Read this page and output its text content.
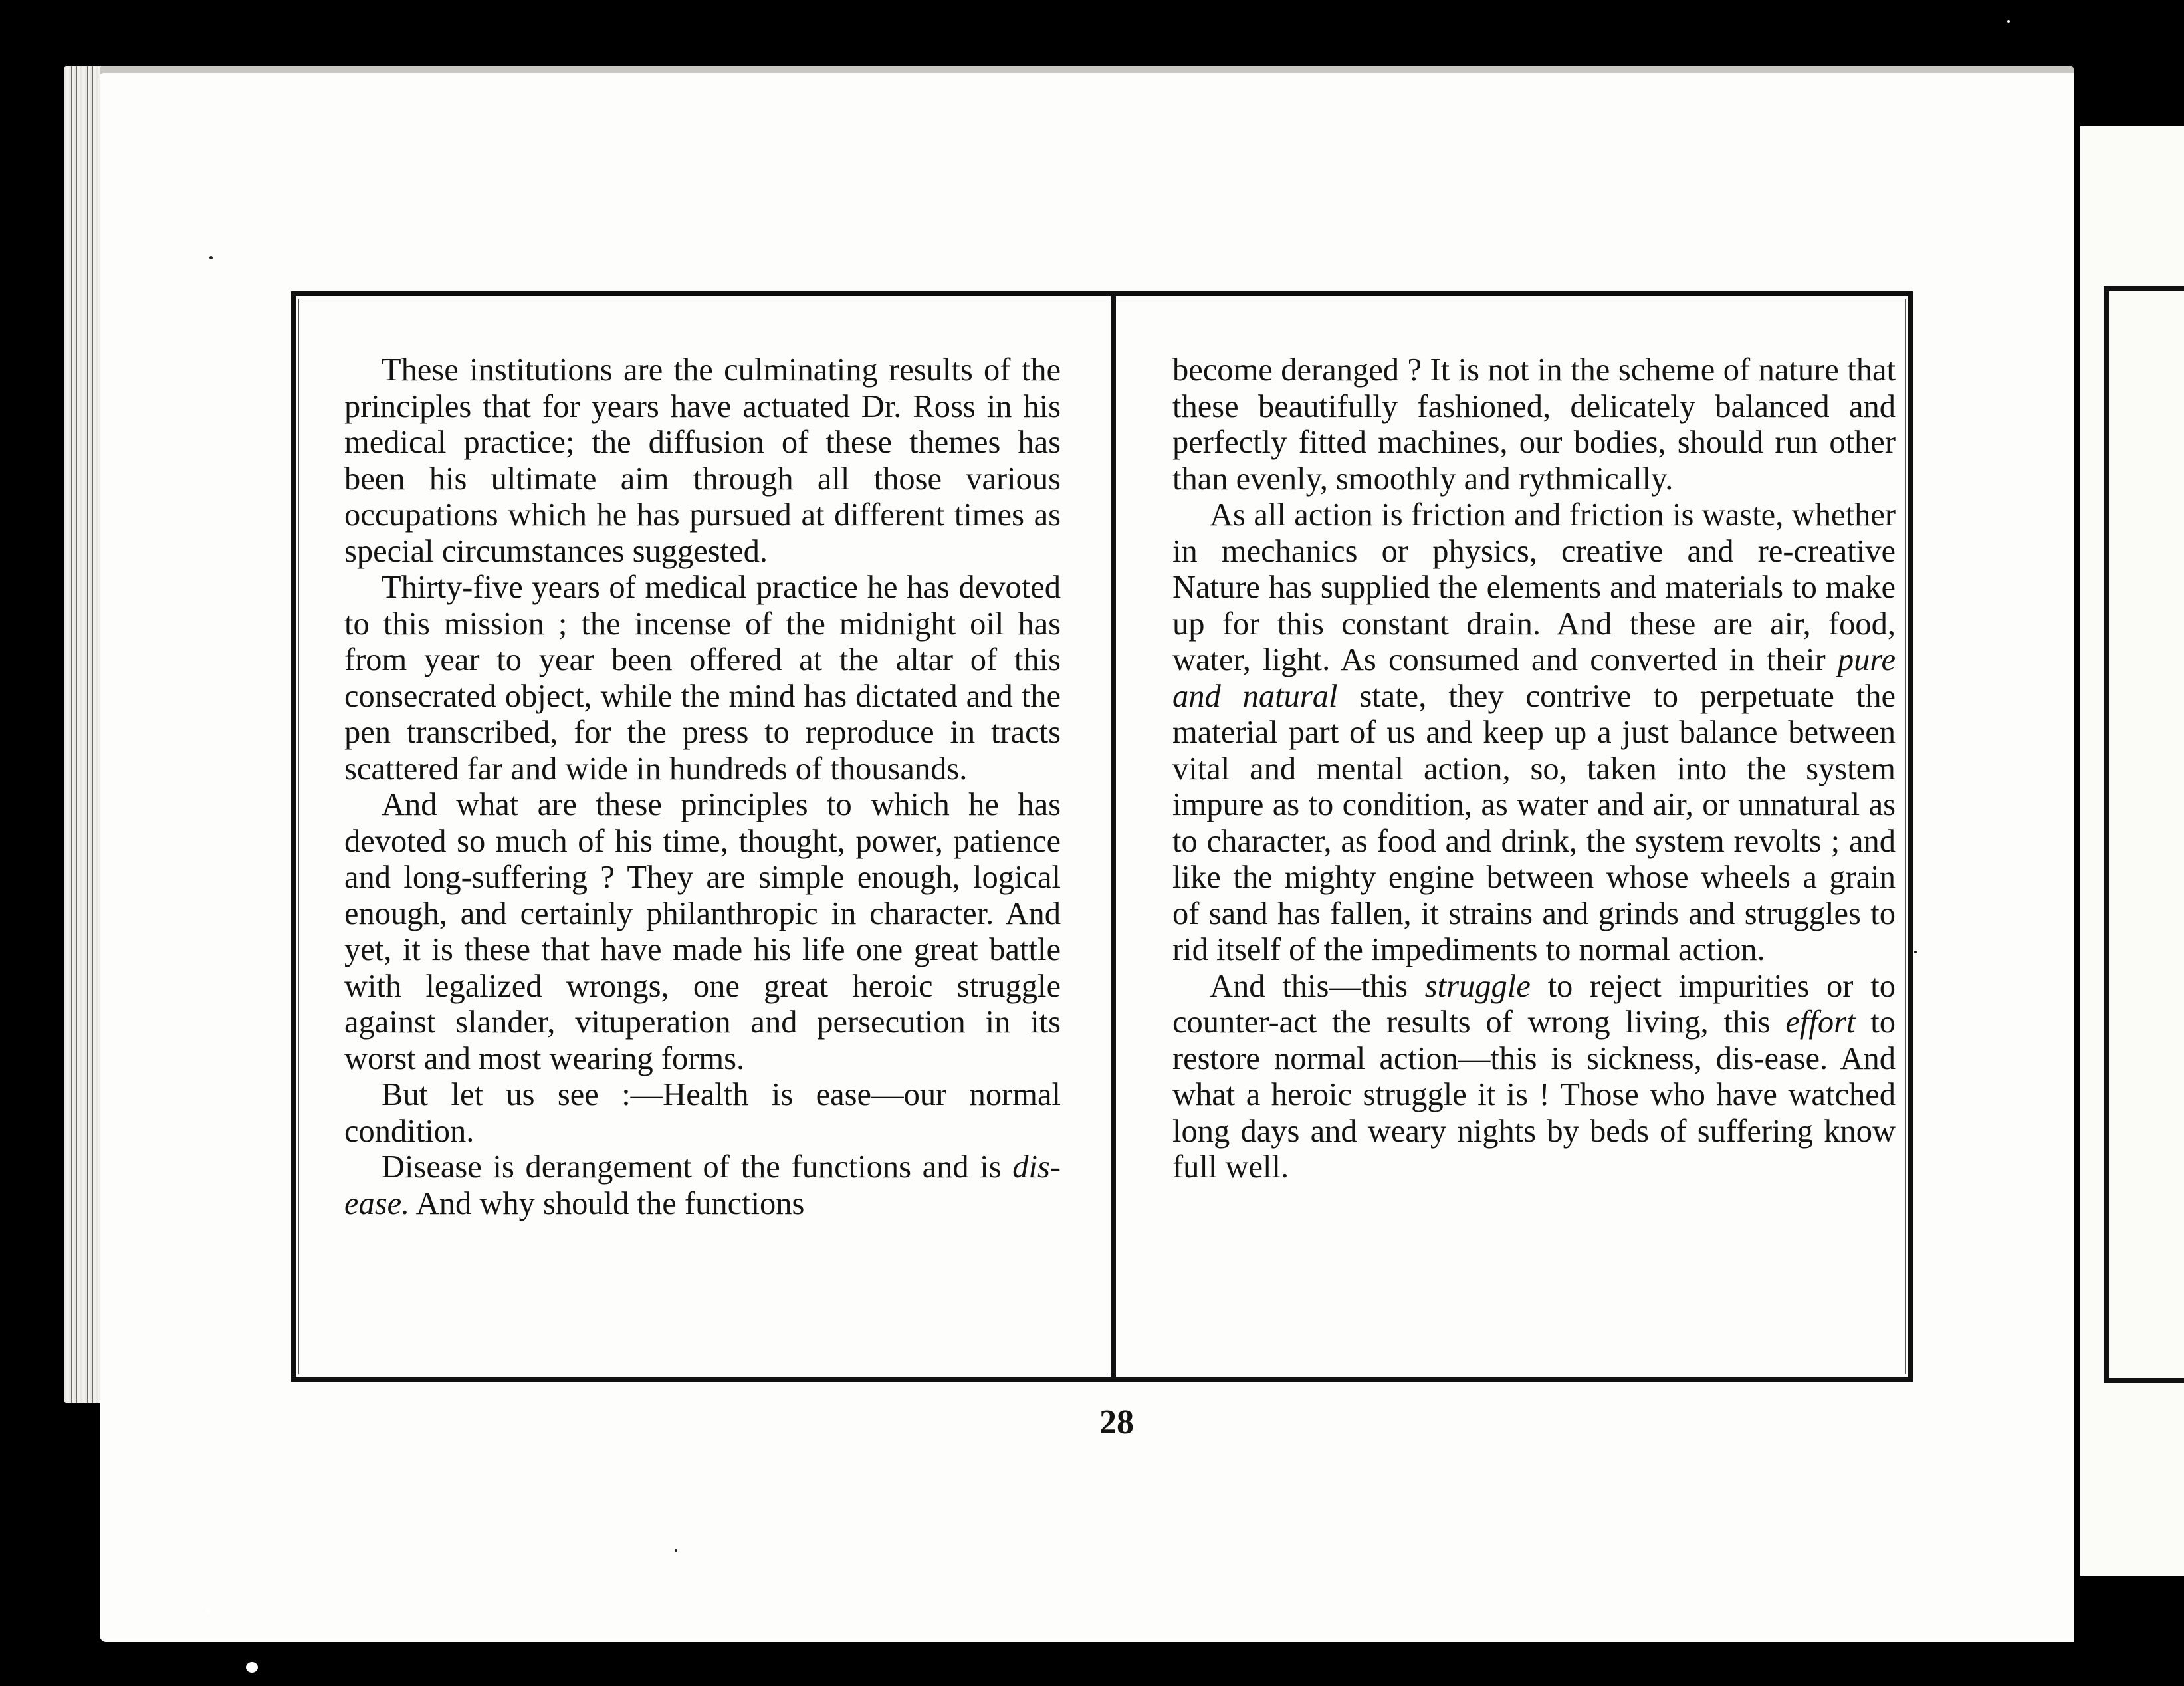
These institutions are the culminating results of the principles that for years have actuated Dr. Ross in his medical practice; the diffusion of these themes has been his ultimate aim through all those various occupations which he has pursued at different times as special circumstances suggested.

Thirty-five years of medical practice he has devoted to this mission ; the incense of the midnight oil has from year to year been offered at the altar of this consecrated object, while the mind has dictated and the pen transcribed, for the press to reproduce in tracts scattered far and wide in hundreds of thousands.

And what are these principles to which he has devoted so much of his time, thought, power, patience and long-suffering ? They are simple enough, logical enough, and certainly philanthropic in character. And yet, it is these that have made his life one great battle with legalized wrongs, one great heroic struggle against slander, vituperation and persecution in its worst and most wearing forms.

But let us see :—Health is ease—our normal condition.

Disease is derangement of the functions and is dis-ease. And why should the functions

become deranged ? It is not in the scheme of nature that these beautifully fashioned, delicately balanced and perfectly fitted machines, our bodies, should run other than evenly, smoothly and rythmically.

As all action is friction and friction is waste, whether in mechanics or physics, creative and re-creative Nature has supplied the elements and materials to make up for this constant drain. And these are air, food, water, light. As consumed and converted in their pure and natural state, they contrive to perpetuate the material part of us and keep up a just balance between vital and mental action, so, taken into the system impure as to condition, as water and air, or unnatural as to character, as food and drink, the system revolts ; and like the mighty engine between whose wheels a grain of sand has fallen, it strains and grinds and struggles to rid itself of the impediments to normal action.

And this—this struggle to reject impurities or to counter-act the results of wrong living, this effort to restore normal action—this is sickness, dis-ease. And what a heroic struggle it is ! Those who have watched long days and weary nights by beds of suffering know full well.

28
